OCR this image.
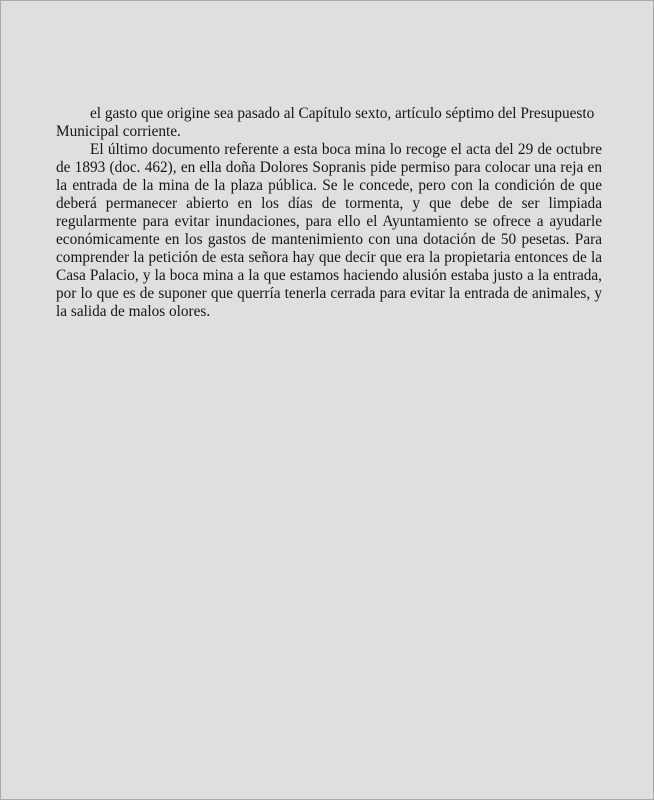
el gasto que origine sea pasado al Capítulo sexto, artículo séptimo del Presupuesto Municipal corriente.

El último documento referente a esta boca mina lo recoge el acta del 29 de octubre de 1893 (doc. 462), en ella doña Dolores Sopranis pide permiso para colocar una reja en la entrada de la mina de la plaza pública. Se le concede, pero con la condición de que deberá permanecer abierto en los días de tormenta, y que debe de ser limpiada regularmente para evitar inundaciones, para ello el Ayuntamiento se ofrece a ayudarle económicamente en los gastos de mantenimiento con una dotación de 50 pesetas. Para comprender la petición de esta señora hay que decir que era la propietaria entonces de la Casa Palacio, y la boca mina a la que estamos haciendo alusión estaba justo a la entrada, por lo que es de suponer que querría tenerla cerrada para evitar la entrada de animales, y la salida de malos olores.
